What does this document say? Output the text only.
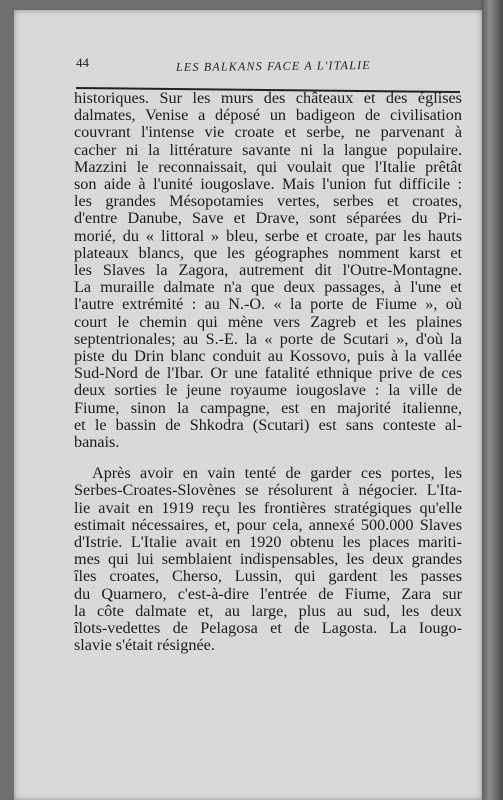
44	LES BALKANS FACE A L'ITALIE
historiques. Sur les murs des châteaux et des églises
dalmates, Venise a déposé un badigeon de civilisation
couvrant l'intense vie croate et serbe, ne parvenant à
cacher ni la littérature savante ni la langue populaire.
Mazzini le reconnaissait, qui voulait que l'Italie prêtât
son aide à l'unité iougoslave. Mais l'union fut difficile :
les grandes Mésopotamies vertes, serbes et croates,
d'entre Danube, Save et Drave, sont séparées du Pri-
morié, du « littoral » bleu, serbe et croate, par les hauts
plateaux blancs, que les géographes nomment karst et
les Slaves la Zagora, autrement dit l'Outre-Montagne.
La muraille dalmate n'a que deux passages, à l'une et
l'autre extrémité : au N.-O. « la porte de Fiume », où
court le chemin qui mène vers Zagreb et les plaines
septentrionales; au S.-E. la « porte de Scutari », d'où la
piste du Drin blanc conduit au Kossovo, puis à la vallée
Sud-Nord de l'Ibar. Or une fatalité ethnique prive de ces
deux sorties le jeune royaume iougoslave : la ville de
Fiume, sinon la campagne, est en majorité italienne,
et le bassin de Shkodra (Scutari) est sans conteste al-
banais.
Après avoir en vain tenté de garder ces portes, les
Serbes-Croates-Slovènes se résolurent à négocier. L'Ita-
lie avait en 1919 reçu les frontières stratégiques qu'elle
estimait nécessaires, et, pour cela, annexé 500.000 Slaves
d'Istrie. L'Italie avait en 1920 obtenu les places mariti-
mes qui lui semblaient indispensables, les deux grandes
îles croates, Cherso, Lussin, qui gardent les passes
du Quarnero, c'est-à-dire l'entrée de Fiume, Zara sur
la côte dalmate et, au large, plus au sud, les deux
îlots-vedettes de Pelagosa et de Lagosta. La Iougo-
slavie s'était résignée.
